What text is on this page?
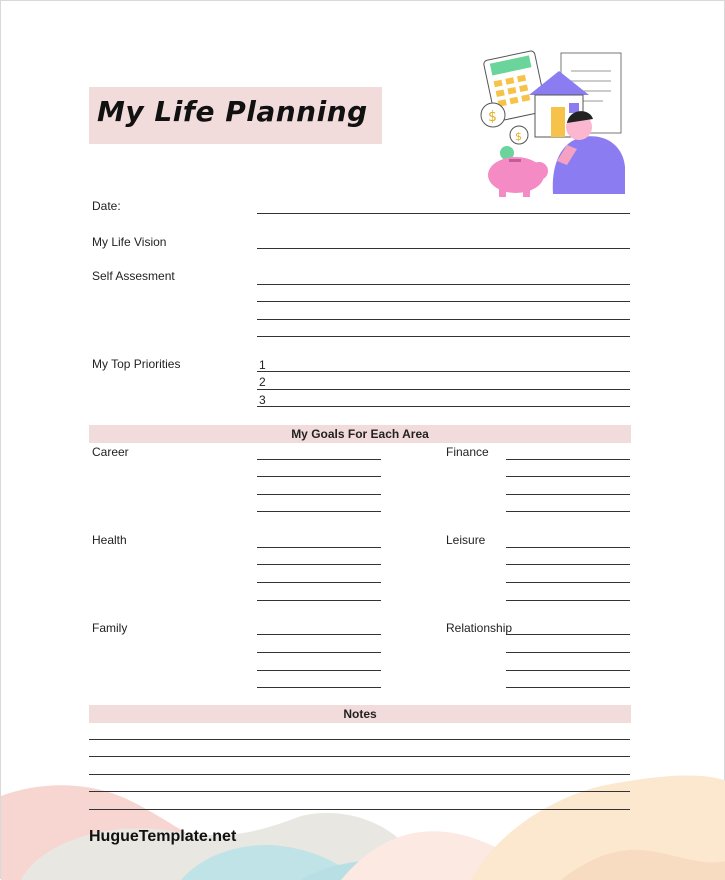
My Life Planning	$
$
Date:
My Life Vision
Self Assesment
My Top Priorities	1
2
3
My Goals For Each Area
Career	Finance
Health	Leisure
Family	Relationship
Notes
HugueTemplate.net
